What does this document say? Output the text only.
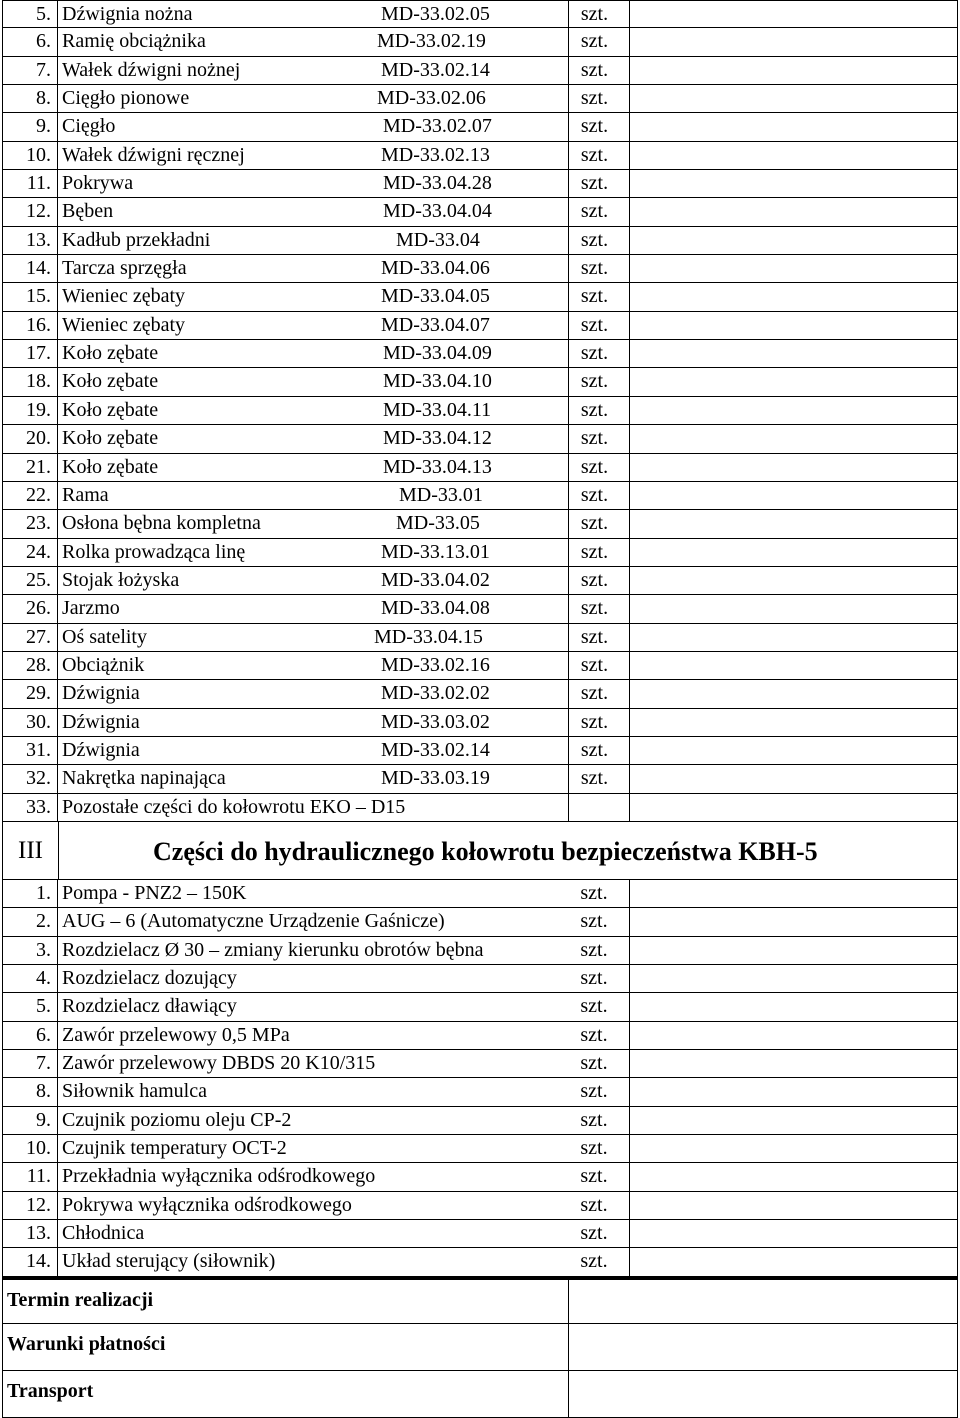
5. Dźwignia nożna	MD-33.02.05	szt.
6. Ramię obciążnika	MD-33.02.19	szt.
7. Wałek dźwigni nożnej	MD-33.02.14	szt.
8. Cięgło pionowe	MD-33.02.06	szt.
9. Cięgło	MD-33.02.07	szt.
10. Wałek dźwigni ręcznej	MD-33.02.13	szt.
11. Pokrywa	MD-33.04.28	szt.
12. Bęben	MD-33.04.04	szt.
13. Kadłub przekładni	MD-33.04	szt.
14. Tarcza sprzęgła	MD-33.04.06	szt.
15. Wieniec zębaty	MD-33.04.05	szt.
16. Wieniec zębaty	MD-33.04.07	szt.
17. Koło zębate	MD-33.04.09	szt.
18. Koło zębate	MD-33.04.10	szt.
19. Koło zębate	MD-33.04.11	szt.
20. Koło zębate	MD-33.04.12	szt.
21. Koło zębate	MD-33.04.13	szt.
22. Rama	MD-33.01	szt.
23. Osłona bębna kompletna	MD-33.05	szt.
24. Rolka prowadząca linę	MD-33.13.01	szt.
25. Stojak łożyska	MD-33.04.02	szt.
26. Jarzmo	MD-33.04.08	szt.
27. Oś satelity	MD-33.04.15	szt.
28. Obciążnik	MD-33.02.16	szt.
29. Dźwignia	MD-33.02.02	szt.
30. Dźwignia	MD-33.03.02	szt.
31. Dźwignia	MD-33.02.14	szt.
32. Nakrętka napinająca	MD-33.03.19	szt.
33. Pozostałe części do kołowrotu EKO – D15
III	Części do hydraulicznego kołowrotu bezpieczeństwa KBH-5
1. Pompa - PNZ2 – 150K	szt.
2. AUG – 6 (Automatyczne Urządzenie Gaśnicze)	szt.
3. Rozdzielacz Ø 30 – zmiany kierunku obrotów bębna	szt.
4. Rozdzielacz dozujący	szt.
5. Rozdzielacz dławiący	szt.
6. Zawór przelewowy 0,5 MPa	szt.
7. Zawór przelewowy DBDS 20 K10/315	szt.
8. Siłownik hamulca	szt.
9. Czujnik poziomu oleju CP-2	szt.
10. Czujnik temperatury OCT-2	szt.
11. Przekładnia wyłącznika odśrodkowego	szt.
12. Pokrywa wyłącznika odśrodkowego	szt.
13. Chłodnica	szt.
14. Układ sterujący (siłownik)	szt.
Termin realizacji
Warunki płatności
Transport
